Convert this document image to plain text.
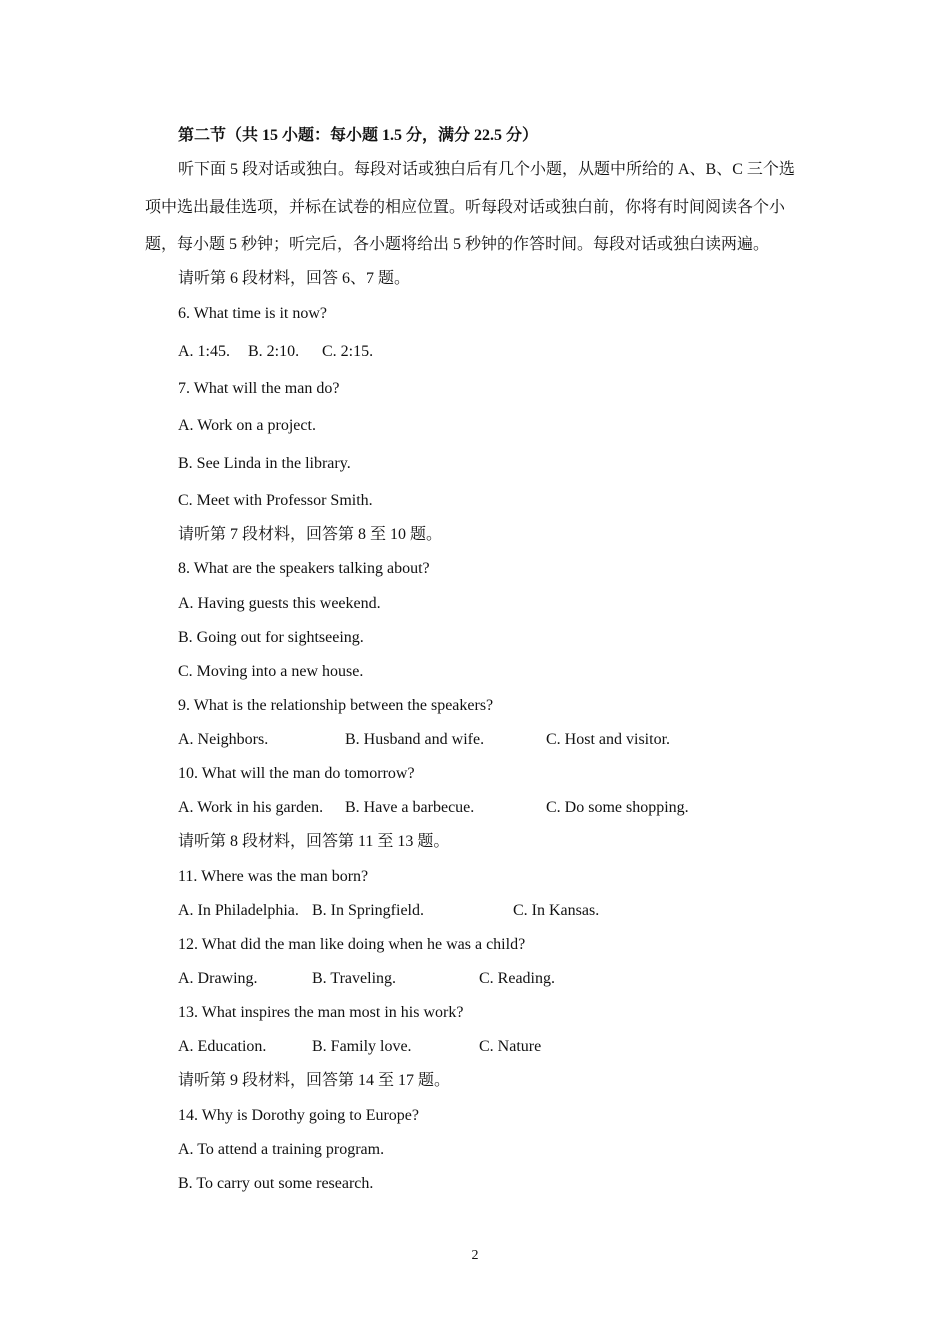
第二节（共 15 小题：每小题 1.5 分，满分 22.5 分）

听下面 5 段对话或独白。每段对话或独白后有几个小题，从题中所给的 A、B、C 三个选

项中选出最佳选项，并标在试卷的相应位置。听每段对话或独白前，你将有时间阅读各个小

题，每小题 5 秒钟；听完后，各小题将给出 5 秒钟的作答时间。每段对话或独白读两遍。

请听第 6 段材料，回答 6、7 题。

6. What time is it now?

A. 1:45. B. 2:10. C. 2:15.

7. What will the man do?

A. Work on a project.

B. See Linda in the library.

C. Meet with Professor Smith.

请听第 7 段材料，回答第 8 至 10 题。

8. What are the speakers talking about?

A. Having guests this weekend.

B. Going out for sightseeing.

C. Moving into a new house.

9. What is the relationship between the speakers?

A. Neighbors.	B. Husband and wife.	C. Host and visitor.

10. What will the man do tomorrow?

A. Work in his garden. B. Have a barbecue.	C. Do some shopping.

请听第 8 段材料，回答第 11 至 13 题。

11. Where was the man born?

A. In Philadelphia. B. In Springfield.	C. In Kansas.

12. What did the man like doing when he was a child?

A. Drawing.	B. Traveling.	C. Reading.

13. What inspires the man most in his work?

A. Education.	B. Family love.	C. Nature

请听第 9 段材料，回答第 14 至 17 题。

14. Why is Dorothy going to Europe?

A. To attend a training program.

B. To carry out some research.

2
